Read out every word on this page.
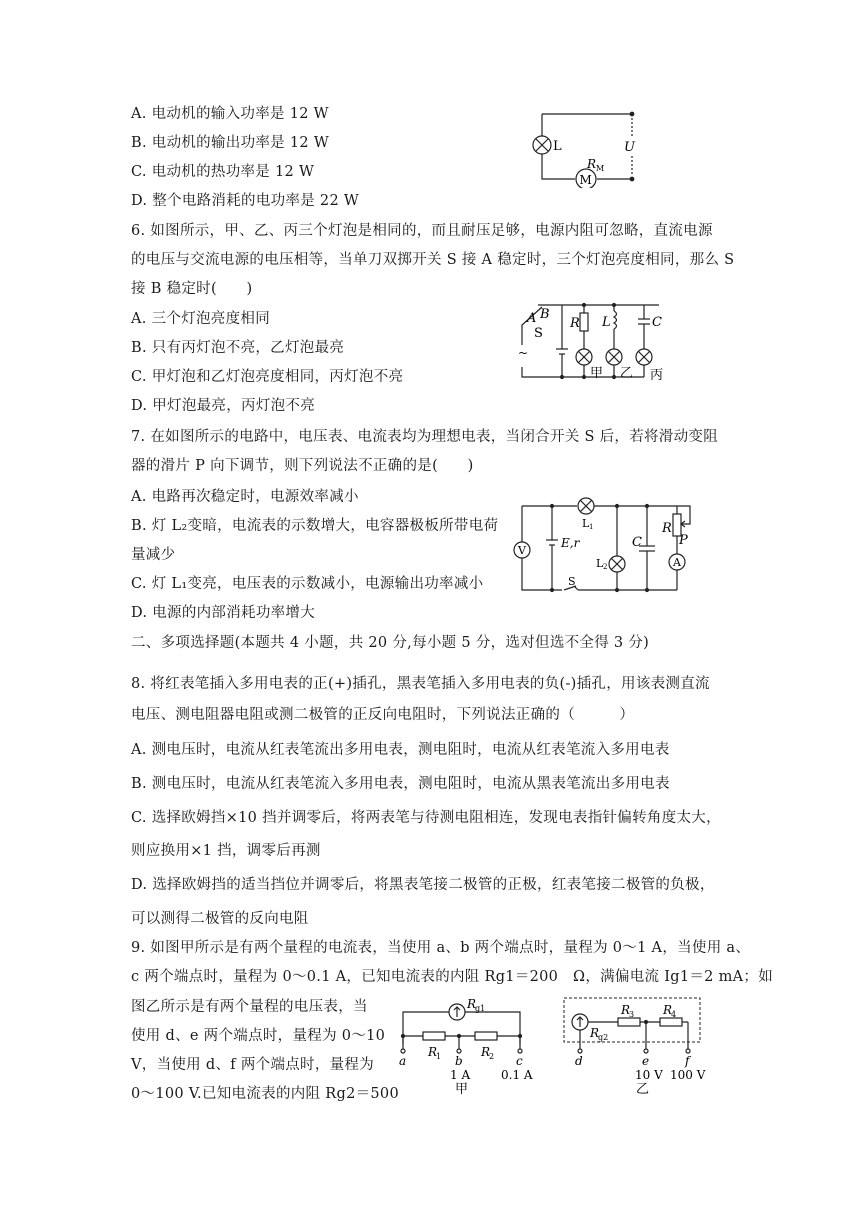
A. 电动机的输入功率是 12 W
B. 电动机的输出功率是 12 W
C. 电动机的热功率是 12 W
D. 整个电路消耗的电功率是 22 W
L	U
R M
M
6. 如图所示，甲、乙、丙三个灯泡是相同的，而且耐压足够，电源内阻可忽略，直流电源
的电压与交流电源的电压相等，当单刀双掷开关 S 接 A 稳定时，三个灯泡亮度相同，那么 S
接 B 稳定时(　　)
A. 三个灯泡亮度相同
B. 只有丙灯泡不亮，乙灯泡最亮
C. 甲灯泡和乙灯泡亮度相同，丙灯泡不亮
D. 甲灯泡最亮，丙灯泡不亮
A B
S
~
R L	C
甲 乙 丙
7. 在如图所示的电路中，电压表、电流表均为理想电表，当闭合开关 S 后，若将滑动变阻
器的滑片 P 向下调节，则下列说法不正确的是(　　)
A. 电路再次稳定时，电源效率减小
B. 灯 L₂变暗，电流表的示数增大，电容器极板所带电荷
量减少
C. 灯 L₁变亮，电压表的示数减小，电源输出功率减小
D. 电源的内部消耗功率增大
V
A
E,r
L 1
L 2
C
R
P
S
二、多项选择题(本题共 4 小题，共 20 分,每小题 5 分，选对但选不全得 3 分)
8. 将红表笔插入多用电表的正(+)插孔，黑表笔插入多用电表的负(-)插孔，用该表测直流
电压、测电阻器电阻或测二极管的正反向电阻时，下列说法正确的（　　　）
A. 测电压时，电流从红表笔流出多用电表，测电阻时，电流从红表笔流入多用电表
B. 测电压时，电流从红表笔流入多用电表，测电阻时，电流从黑表笔流出多用电表
C. 选择欧姆挡×10 挡并调零后，将两表笔与待测电阻相连，发现电表指针偏转角度太大，
则应换用×1 挡，调零后再测
D. 选择欧姆挡的适当挡位并调零后，将黑表笔接二极管的正极，红表笔接二极管的负极，
可以测得二极管的反向电阻
9. 如图甲所示是有两个量程的电流表，当使用 a、b 两个端点时，量程为 0～1 A，当使用 a、
c 两个端点时，量程为 0～0.1 A，已知电流表的内阻 Rg1＝200　Ω，满偏电流 Ig1＝2 mA；如
图乙所示是有两个量程的电压表，当
使用 d、e 两个端点时，量程为 0～10
V，当使用 d、f 两个端点时，量程为
0～100 V.已知电流表的内阻 Rg2＝500
R
g1
R
1	R
2
a	b	c
1 A	0.1 A
甲
R
g2
R
3 R
4
d	e	f
10 V 100 V
乙
